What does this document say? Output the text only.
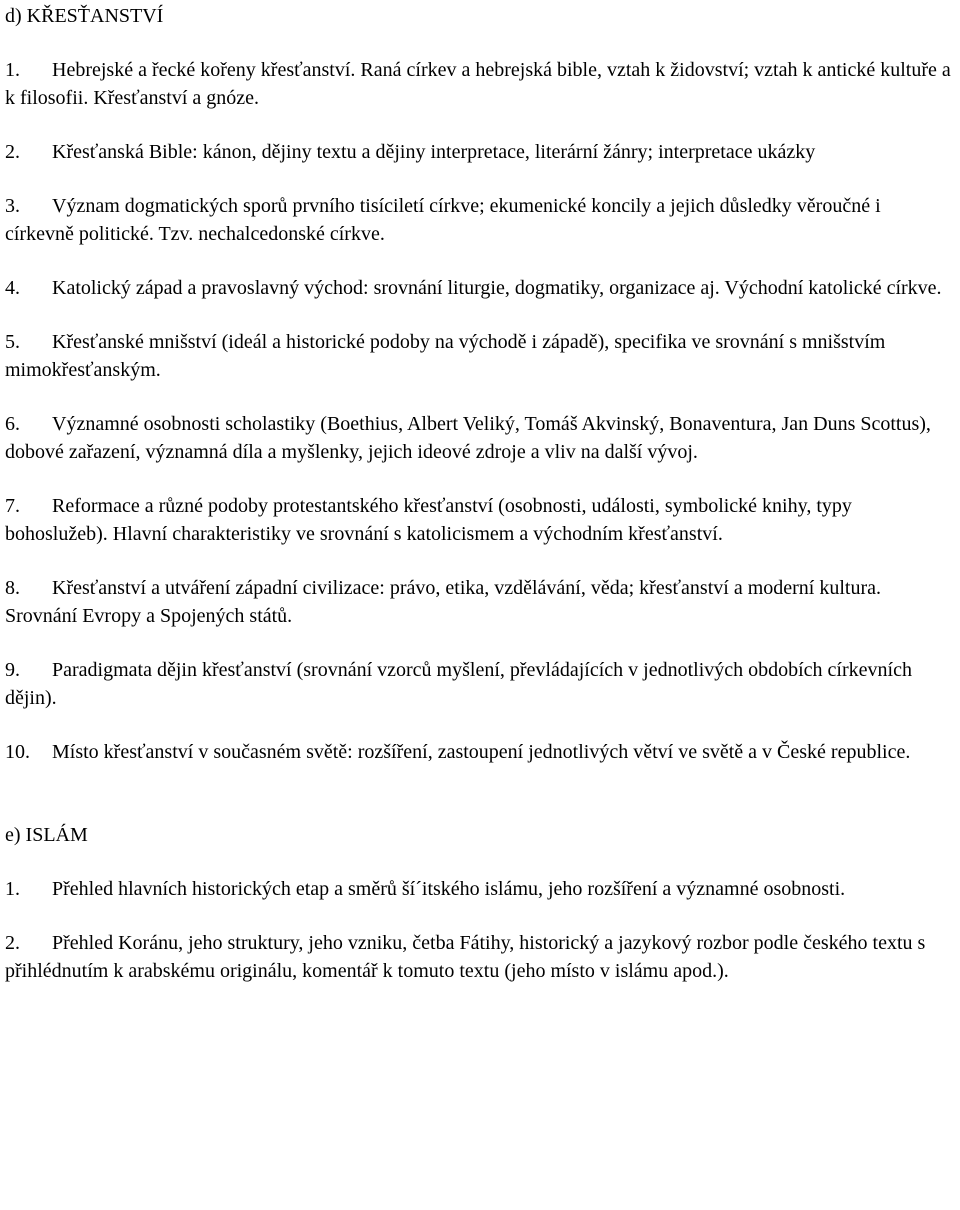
d) KŘESŤANSTVÍ

1. Hebrejské a řecké kořeny křesťanství. Raná církev a hebrejská bible, vztah k židovství; vztah k antické kultuře a k filosofii. Křesťanství a gnóze.

2. Křesťanská Bible: kánon, dějiny textu a dějiny interpretace, literární žánry; interpretace ukázky

3. Význam dogmatických sporů prvního tisíciletí církve; ekumenické koncily a jejich důsledky věroučné i církevně politické. Tzv. nechalcedonské církve.

4. Katolický západ a pravoslavný východ: srovnání liturgie, dogmatiky, organizace aj. Východní katolické církve.

5. Křesťanské mnišství (ideál a historické podoby na východě i západě), specifika ve srovnání s mnišstvím mimokřesťanským.

6. Významné osobnosti scholastiky (Boethius, Albert Veliký, Tomáš Akvinský, Bonaventura, Jan Duns Scottus), dobové zařazení, významná díla a myšlenky, jejich ideové zdroje a vliv na další vývoj.

7. Reformace a různé podoby protestantského křesťanství (osobnosti, události, symbolické knihy, typy bohoslužeb). Hlavní charakteristiky ve srovnání s katolicismem a východním křesťanství.

8. Křesťanství a utváření západní civilizace: právo, etika, vzdělávání, věda; křesťanství a moderní kultura. Srovnání Evropy a Spojených států.

9. Paradigmata dějin křesťanství (srovnání vzorců myšlení, převládajících v jednotlivých obdobích církevních dějin).

10. Místo křesťanství v současném světě: rozšíření, zastoupení jednotlivých větví ve světě a v České republice.

e) ISLÁM

1. Přehled hlavních historických etap a směrů ší´itského islámu, jeho rozšíření a významné osobnosti.

2. Přehled Koránu, jeho struktury, jeho vzniku, četba Fátihy, historický a jazykový rozbor podle českého textu s přihlédnutím k arabskému originálu, komentář k tomuto textu (jeho místo v islámu apod.).
